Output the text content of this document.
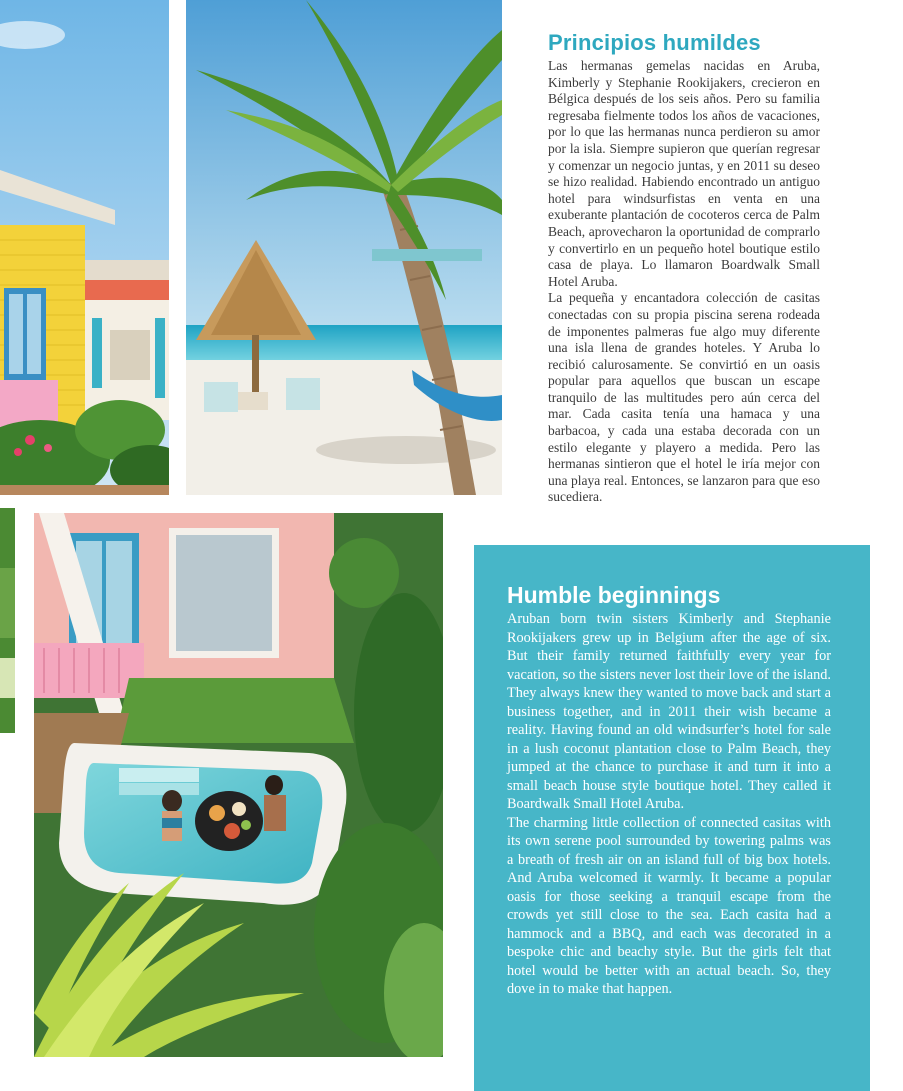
Principios humildes

Las hermanas gemelas nacidas en Aruba, Kimberly y Stephanie Rookijakers, crecieron en Bélgica después de los seis años. Pero su familia regresaba fielmente todos los años de vacaciones, por lo que las hermanas nunca perdieron su amor por la isla. Siempre supieron que querían regresar y comenzar un negocio juntas, y en 2011 su deseo se hizo realidad. Habiendo encontrado un antiguo hotel para windsurfistas en venta en una exuberante plantación de cocoteros cerca de Palm Beach, aprovecharon la oportunidad de comprarlo y convertirlo en un pequeño hotel boutique estilo casa de playa. Lo llamaron Boardwalk Small Hotel Aruba.

La pequeña y encantadora colección de casitas conectadas con su propia piscina serena rodeada de imponentes palmeras fue algo muy diferente una isla llena de grandes hoteles. Y Aruba lo recibió calurosamente. Se convirtió en un oasis popular para aquellos que buscan un escape tranquilo de las multitudes pero aún cerca del mar. Cada casita tenía una hamaca y una barbacoa, y cada una estaba decorada con un estilo elegante y playero a medida. Pero las hermanas sintieron que el hotel le iría mejor con una playa real. Entonces, se lanzaron para que eso sucediera.

Humble beginnings

Aruban born twin sisters Kimberly and Stephanie Rookijakers grew up in Belgium after the age of six. But their family returned faithfully every year for vacation, so the sisters never lost their love of the island. They always knew they wanted to move back and start a business together, and in 2011 their wish became a reality. Having found an old windsurfer’s hotel for sale in a lush coconut plantation close to Palm Beach, they jumped at the chance to purchase it and turn it into a small beach house style boutique hotel. They called it Boardwalk Small Hotel Aruba.

The charming little collection of connected casitas with its own serene pool surrounded by towering palms was a breath of fresh air on an island full of big box hotels. And Aruba welcomed it warmly. It became a popular oasis for those seeking a tranquil escape from the crowds yet still close to the sea. Each casita had a hammock and a BBQ, and each was decorated in a bespoke chic and beachy style. But the girls felt that hotel would be better with an actual beach. So, they dove in to make that happen.
